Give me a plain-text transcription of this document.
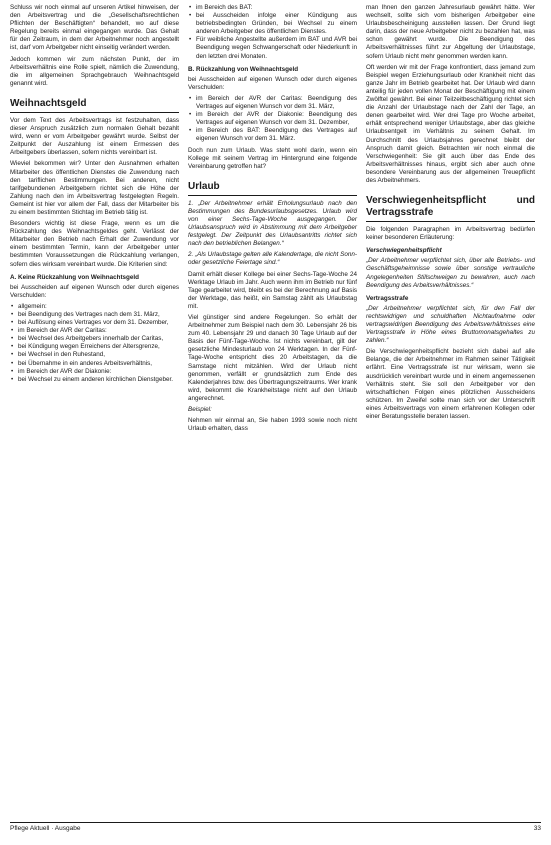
Schluss wir noch einmal auf unseren Artikel hinweisen, der den Arbeitsvertrag und die „Gesellschaftsrechtlichen Pflichten der Beschäftigten“ behandelt, wo auf diese Regelung bereits einmal eingegangen wurde. Das Gehalt für den Zeitraum, in dem der Arbeitnehmer noch angestellt ist, darf vom Arbeitgeber nicht einseitig verändert werden.

Jedoch kommen wir zum nächsten Punkt, der im Arbeitsverhältnis eine Rolle spielt, nämlich die Zuwendung, die im allgemeinen Sprachgebrauch Weihnachtsgeld genannt wird.

Weihnachtsgeld

Vor dem Text des Arbeitsvertrags ist festzuhalten, dass dieser Anspruch zusätzlich zum normalen Gehalt bezahlt wird, wenn er vom Arbeitgeber gewährt wurde. Selbst der Zeitpunkt der Auszahlung ist einem Ermessen des Arbeitgebers überlassen, sofern nichts vereinbart ist.

Wieviel bekommen wir? Unter den Ausnahmen erhalten Mitarbeiter des öffentlichen Dienstes die Zuwendung nach den tariflichen Bestimmungen. Bei anderen, nicht tarifgebundenen Arbeitgebern richtet sich die Höhe der Zahlung nach den im Arbeitsvertrag festgelegten Regeln. Gemeint ist hier vor allem der Fall, dass der Mitarbeiter bis zu einem bestimmten Stichtag im Betrieb tätig ist.

Besonders wichtig ist diese Frage, wenn es um die Rückzahlung des Weihnachtsgeldes geht. Verlässt der Mitarbeiter den Betrieb nach Erhalt der Zuwendung vor einem bestimmten Termin, kann der Arbeitgeber unter bestimmten Voraussetzungen die Rückzahlung verlangen, sofern dies wirksam vereinbart wurde. Die Kriterien sind:

A. Keine Rückzahlung von Weihnachtsgeld

bei Ausscheiden auf eigenen Wunsch oder durch eigenes Verschulden:

• allgemein:
• bei Beendigung des Vertrages nach dem 31. März,
• bei Auflösung eines Vertrages vor dem 31. Dezember,
• im Bereich der AVR der Caritas:
• bei Wechsel des Arbeitgebers innerhalb der Caritas,
• bei Kündigung wegen Erreichens der Altersgrenze,
• bei Wechsel in den Ruhestand,
• bei Übernahme in ein anderes Arbeitsverhältnis,
• im Bereich der AVR der Diakonie:
• bei Wechsel zu einem anderen kirchlichen Dienstgeber.
• im Bereich des BAT:
• bei Ausscheiden infolge einer Kündigung aus betriebsbedingten Gründen, bei Wechsel zu einem anderen Arbeitgeber des öffentlichen Dienstes.
• Für weibliche Angestellte außerdem im BAT und AVR bei Beendigung wegen Schwangerschaft oder Niederkunft in den letzten drei Monaten.
B. Rückzahlung von Weihnachtsgeld

bei Ausscheiden auf eigenen Wunsch oder durch eigenes Verschulden:

• im Bereich der AVR der Caritas: Beendigung des Vertrages auf eigenen Wunsch vor dem 31. März,
• im Bereich der AVR der Diakonie: Beendigung des Vertrages auf eigenen Wunsch vor dem 31. Dezember,
• im Bereich des BAT: Beendigung des Vertrages auf eigenen Wunsch vor dem 31. März.

Doch nun zum Urlaub. Was steht wohl darin, wenn ein Kollege mit seinem Vertrag im Hintergrund eine folgende Vereinbarung getroffen hat?

Urlaub

1. „Der Arbeitnehmer erhält Erholungsurlaub nach den Bestimmungen des Bundesurlaubsgesetzes. Urlaub wird von einer Sechs-Tage-Woche ausgegangen. Der Urlaubsanspruch wird in Abstimmung mit dem Arbeitgeber festgelegt. Der Zeitpunkt des Urlaubsantritts richtet sich nach den betrieblichen Belangen.“

2. „Als Urlaubstage gelten alle Kalendertage, die nicht Sonn- oder gesetzliche Feiertage sind.“

Damit erhält dieser Kollege bei einer Sechs-Tage-Woche 24 Werktage Urlaub im Jahr. Auch wenn ihm im Betrieb nur fünf Tage gearbeitet wird, bleibt es bei der Berechnung auf Basis der Werktage, das heißt, ein Samstag zählt als Urlaubstag mit.

Viel günstiger sind andere Regelungen. So erhält der Arbeitnehmer zum Beispiel nach dem 30. Lebensjahr 26 bis zum 40. Lebensjahr 29 und danach 30 Tage Urlaub auf der Basis der Fünf-Tage-Woche. Ist nichts vereinbart, gilt der gesetzliche Mindesturlaub von 24 Werktagen. In der Fünf-Tage-Woche entspricht dies 20 Arbeitstagen, da die Samstage nicht mitzählen. Wird der Urlaub nicht genommen, verfällt er grundsätzlich zum Ende des Kalenderjahres bzw. des Übertragungszeitraums. Wer krank wird, bekommt die Krankheitstage nicht auf den Urlaub angerechnet.

Beispiel:

Nehmen wir einmal an, Sie haben 1993 sowie noch nicht Urlaub erhalten, dass

man Ihnen den ganzen Jahresurlaub gewährt hätte. Wer wechselt, sollte sich vom bisherigen Arbeitgeber eine Urlaubsbescheinigung ausstellen lassen. Der Grund liegt darin, dass der neue Arbeitgeber nicht zu bezahlen hat, was schon gewährt wurde. Die Beendigung des Arbeitsverhältnisses führt zur Abgeltung der Urlaubstage, sofern Urlaub nicht mehr genommen werden kann.

Oft werden wir mit der Frage konfrontiert, dass jemand zum Beispiel wegen Erziehungsurlaub oder Krankheit nicht das ganze Jahr im Betrieb gearbeitet hat. Der Urlaub wird dann anteilig für jeden vollen Monat der Beschäftigung mit einem Zwölftel gewährt. Bei einer Teilzeitbeschäftigung richtet sich die Anzahl der Urlaubstage nach der Zahl der Tage, an denen gearbeitet wird. Wer drei Tage pro Woche arbeitet, erhält entsprechend weniger Urlaubstage, aber das gleiche Urlaubsentgelt im Verhältnis zu seinem Gehalt. Im Durchschnitt des Urlaubsjahres gerechnet bleibt der Anspruch damit gleich. Betrachten wir noch einmal die Verschwiegenheit: Sie gilt auch über das Ende des Arbeitsverhältnisses hinaus, ergibt sich aber auch ohne besondere Vereinbarung aus der allgemeinen Treuepflicht des Arbeitnehmers.

Verschwiegenheitspflicht und Vertragsstrafe

Die folgenden Paragraphen im Arbeitsvertrag bedürfen keiner besonderen Erläuterung:

Verschwiegenheitspflicht

„Der Arbeitnehmer verpflichtet sich, über alle Betriebs- und Geschäftsgeheimnisse sowie über sonstige vertrauliche Angelegenheiten Stillschweigen zu bewahren, auch nach Beendigung des Arbeitsverhältnisses.“

Vertragsstrafe

„Der Arbeitnehmer verpflichtet sich, für den Fall der rechtswidrigen und schuldhaften Nichtaufnahme oder vertragswidrigen Beendigung des Arbeitsverhältnisses eine Vertragsstrafe in Höhe eines Bruttomonatsgehaltes zu zahlen.“

Die Verschwiegenheitspflicht bezieht sich dabei auf alle Belange, die der Arbeitnehmer im Rahmen seiner Tätigkeit erfährt. Eine Vertragsstrafe ist nur wirksam, wenn sie ausdrücklich vereinbart wurde und in einem angemessenen Verhältnis steht. Sie soll den Arbeitgeber vor den wirtschaftlichen Folgen eines plötzlichen Ausscheidens schützen. Im Zweifel sollte man sich vor der Unterschrift eines Arbeitsvertrags von einem erfahrenen Kollegen oder einer Beratungsstelle beraten lassen.

Pflege Aktuell · Ausgabe	33
